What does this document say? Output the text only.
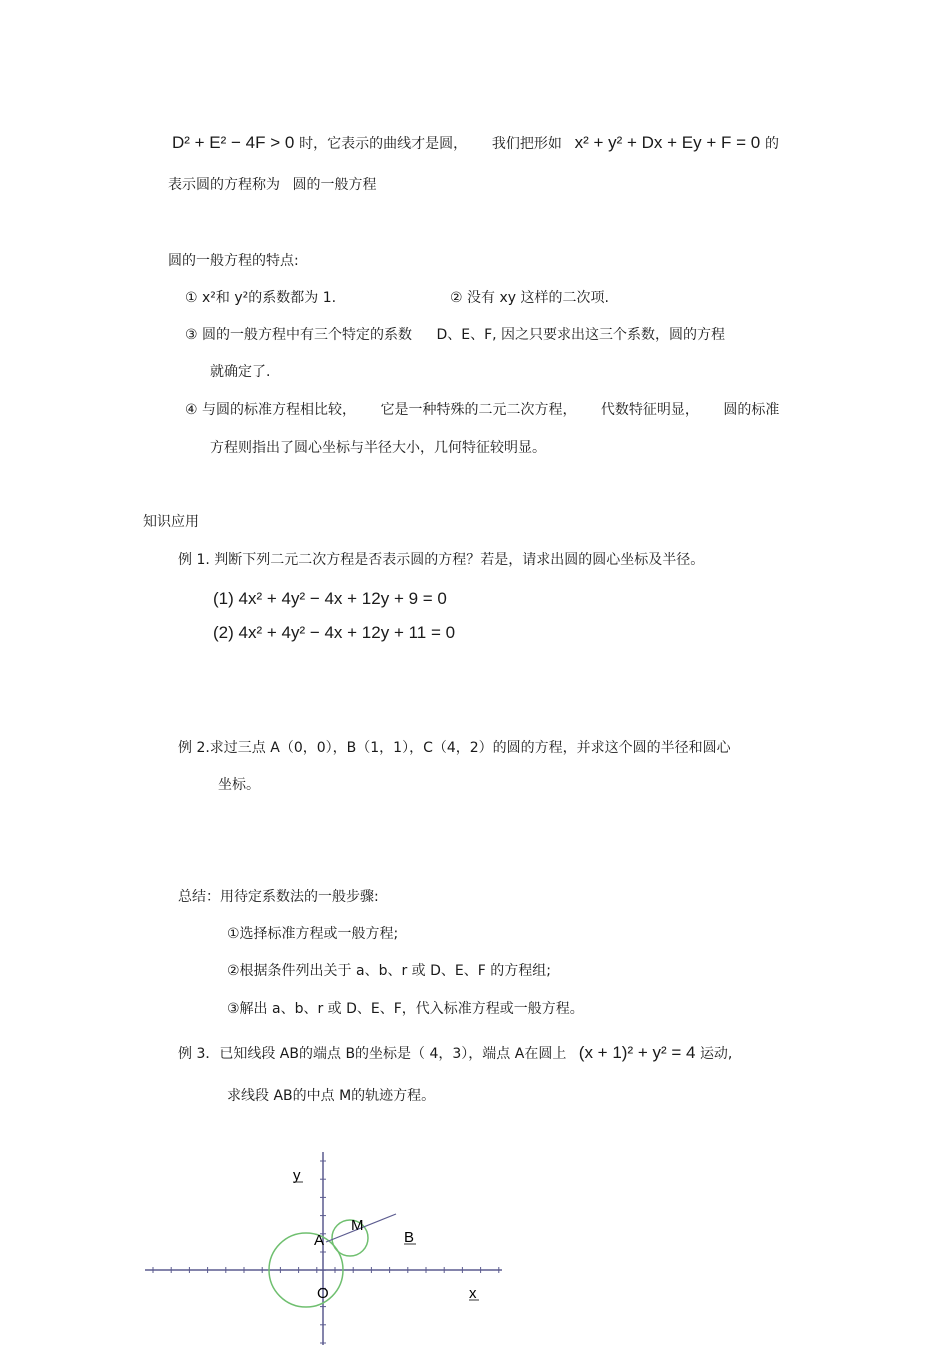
D² + E² − 4F > 0 时，它表示的曲线才是圆， 我们把形如 x² + y² + Dx + Ey + F = 0 的
表示圆的方程称为 圆的一般方程
圆的一般方程的特点:
① x²和 y²的系数都为 1.	② 没有 xy 这样的二次项.
③ 圆的一般方程中有三个特定的系数 D、E、F, 因之只要求出这三个系数，圆的方程
就确定了.
④ 与圆的标准方程相比较， 它是一种特殊的二元二次方程， 代数特征明显， 圆的标准
方程则指出了圆心坐标与半径大小，几何特征较明显。
知识应用
例 1. 判断下列二元二次方程是否表示圆的方程？若是，请求出圆的圆心坐标及半径。
(1) 4x² + 4y² − 4x + 12y + 9 = 0
(2) 4x² + 4y² − 4x + 12y + 11 = 0
例 2.求过三点 A（0，0），B（1，1），C（4，2）的圆的方程，并求这个圆的半径和圆心
坐标。
总结：用待定系数法的一般步骤:
①选择标准方程或一般方程;
②根据条件列出关于 a、b、r 或 D、E、F 的方程组;
③解出 a、b、r 或 D、E、F，代入标准方程或一般方程。
例 3．已知线段 AB的端点 B的坐标是（ 4，3），端点 A在圆上 (x + 1)² + y² = 4 运动,
求线段 AB的中点 M的轨迹方程。
y
x
A
M
B
O
